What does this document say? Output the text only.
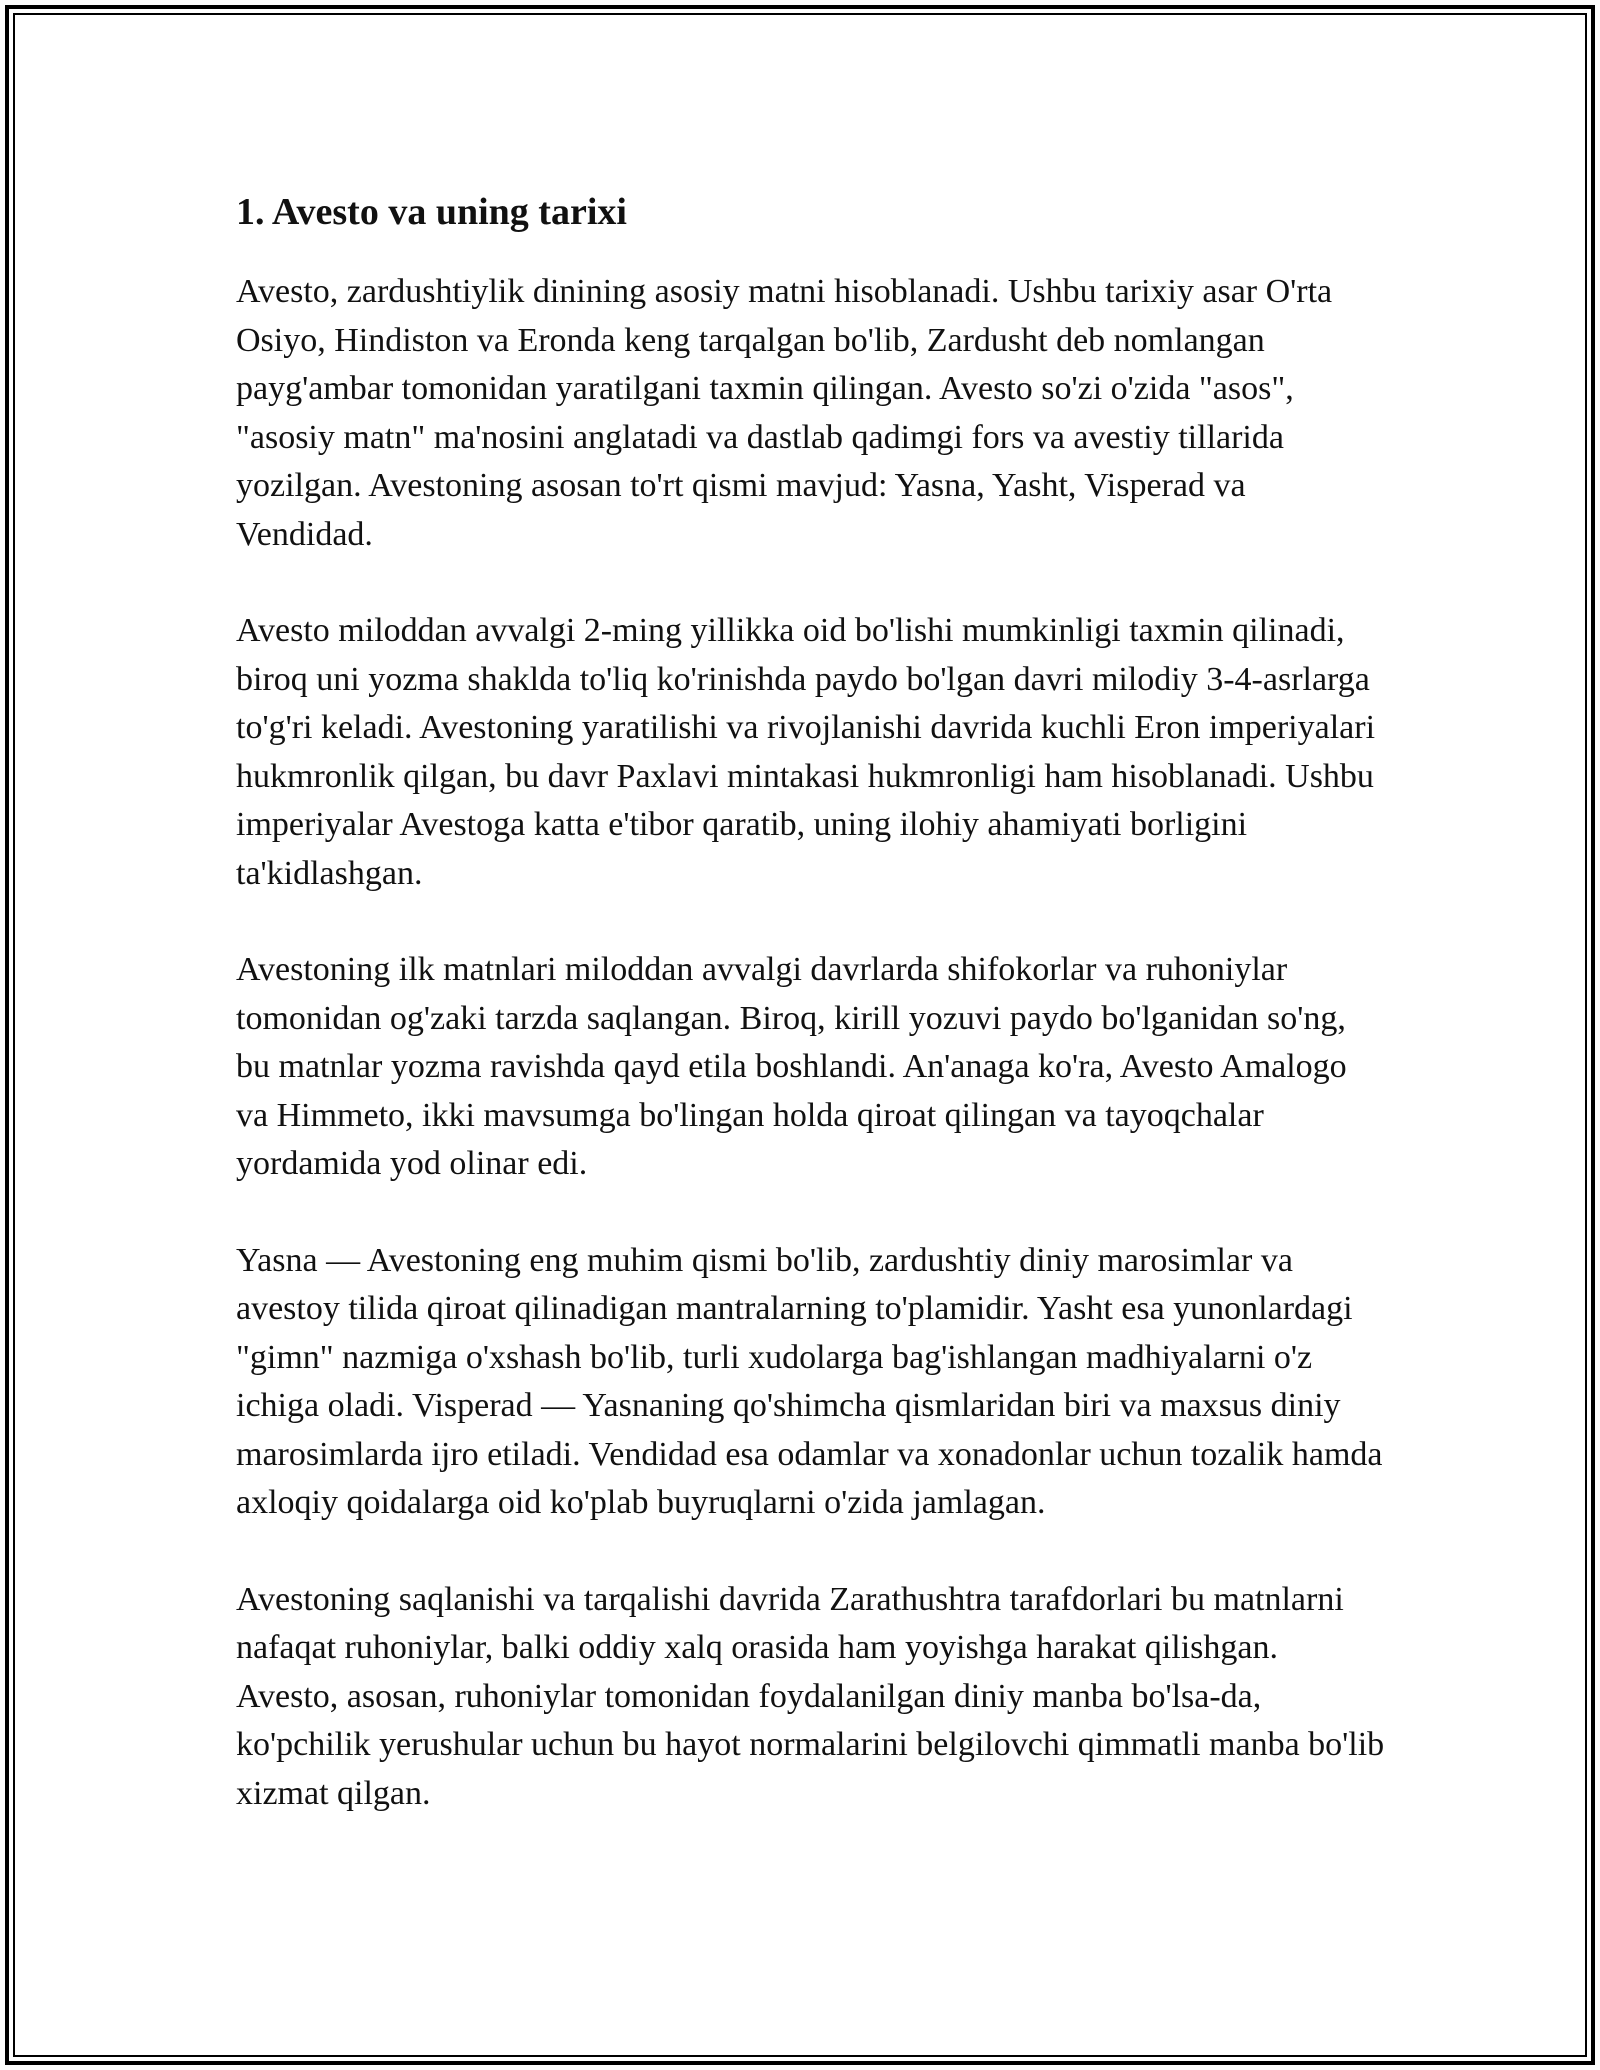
1. Avesto va uning tarixi

Avesto, zardushtiylik dinining asosiy matni hisoblanadi. Ushbu tarixiy asar O'rta Osiyo, Hindiston va Eronda keng tarqalgan bo'lib, Zardusht deb nomlangan payg'ambar tomonidan yaratilgani taxmin qilingan. Avesto so'zi o'zida "asos", "asosiy matn" ma'nosini anglatadi va dastlab qadimgi fors va avestiy tillarida yozilgan. Avestoning asosan to'rt qismi mavjud: Yasna, Yasht, Visperad va Vendidad.

Avesto miloddan avvalgi 2-ming yillikka oid bo'lishi mumkinligi taxmin qilinadi, biroq uni yozma shaklda to'liq ko'rinishda paydo bo'lgan davri milodiy 3-4-asrlarga to'g'ri keladi. Avestoning yaratilishi va rivojlanishi davrida kuchli Eron imperiyalari hukmronlik qilgan, bu davr Paxlavi mintakasi hukmronligi ham hisoblanadi. Ushbu imperiyalar Avestoga katta e'tibor qaratib, uning ilohiy ahamiyati borligini ta'kidlashgan.

Avestoning ilk matnlari miloddan avvalgi davrlarda shifokorlar va ruhoniylar tomonidan og'zaki tarzda saqlangan. Biroq, kirill yozuvi paydo bo'lganidan so'ng, bu matnlar yozma ravishda qayd etila boshlandi. An'anaga ko'ra, Avesto Amalogo va Himmeto, ikki mavsumga bo'lingan holda qiroat qilingan va tayoqchalar yordamida yod olinar edi.

Yasna — Avestoning eng muhim qismi bo'lib, zardushtiy diniy marosimlar va avestoy tilida qiroat qilinadigan mantralarning to'plamidir. Yasht esa yunonlardagi "gimn" nazmiga o'xshash bo'lib, turli xudolarga bag'ishlangan madhiyalarni o'z ichiga oladi. Visperad — Yasnaning qo'shimcha qismlaridan biri va maxsus diniy marosimlarda ijro etiladi. Vendidad esa odamlar va xonadonlar uchun tozalik hamda axloqiy qoidalarga oid ko'plab buyruqlarni o'zida jamlagan.

Avestoning saqlanishi va tarqalishi davrida Zarathushtra tarafdorlari bu matnlarni nafaqat ruhoniylar, balki oddiy xalq orasida ham yoyishga harakat qilishgan. Avesto, asosan, ruhoniylar tomonidan foydalanilgan diniy manba bo'lsa-da, ko'pchilik yerushular uchun bu hayot normalarini belgilovchi qimmatli manba bo'lib xizmat qilgan.
